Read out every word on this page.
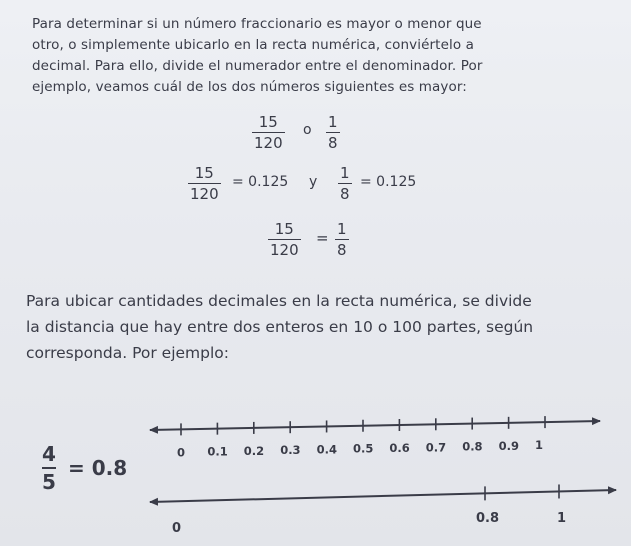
Para determinar si un número fraccionario es mayor o menor que
otro, o simplemente ubicarlo en la recta numérica, conviértelo a
decimal. Para ello, divide el numerador entre el denominador. Por
ejemplo, veamos cuál de los dos números siguientes es mayor:
15
120
o 1
8
15
120
= 0.125 y 1
8
= 0.125
15
120
= 1
8
Para ubicar cantidades decimales en la recta numérica, se divide
la distancia que hay entre dos enteros en 10 o 100 partes, según
corresponda. Por ejemplo:
4
5
= 0.8
0 0.1 0.2 0.3 0.4 0.5 0.6 0.7 0.8 0.9 1
0
0.8	1
